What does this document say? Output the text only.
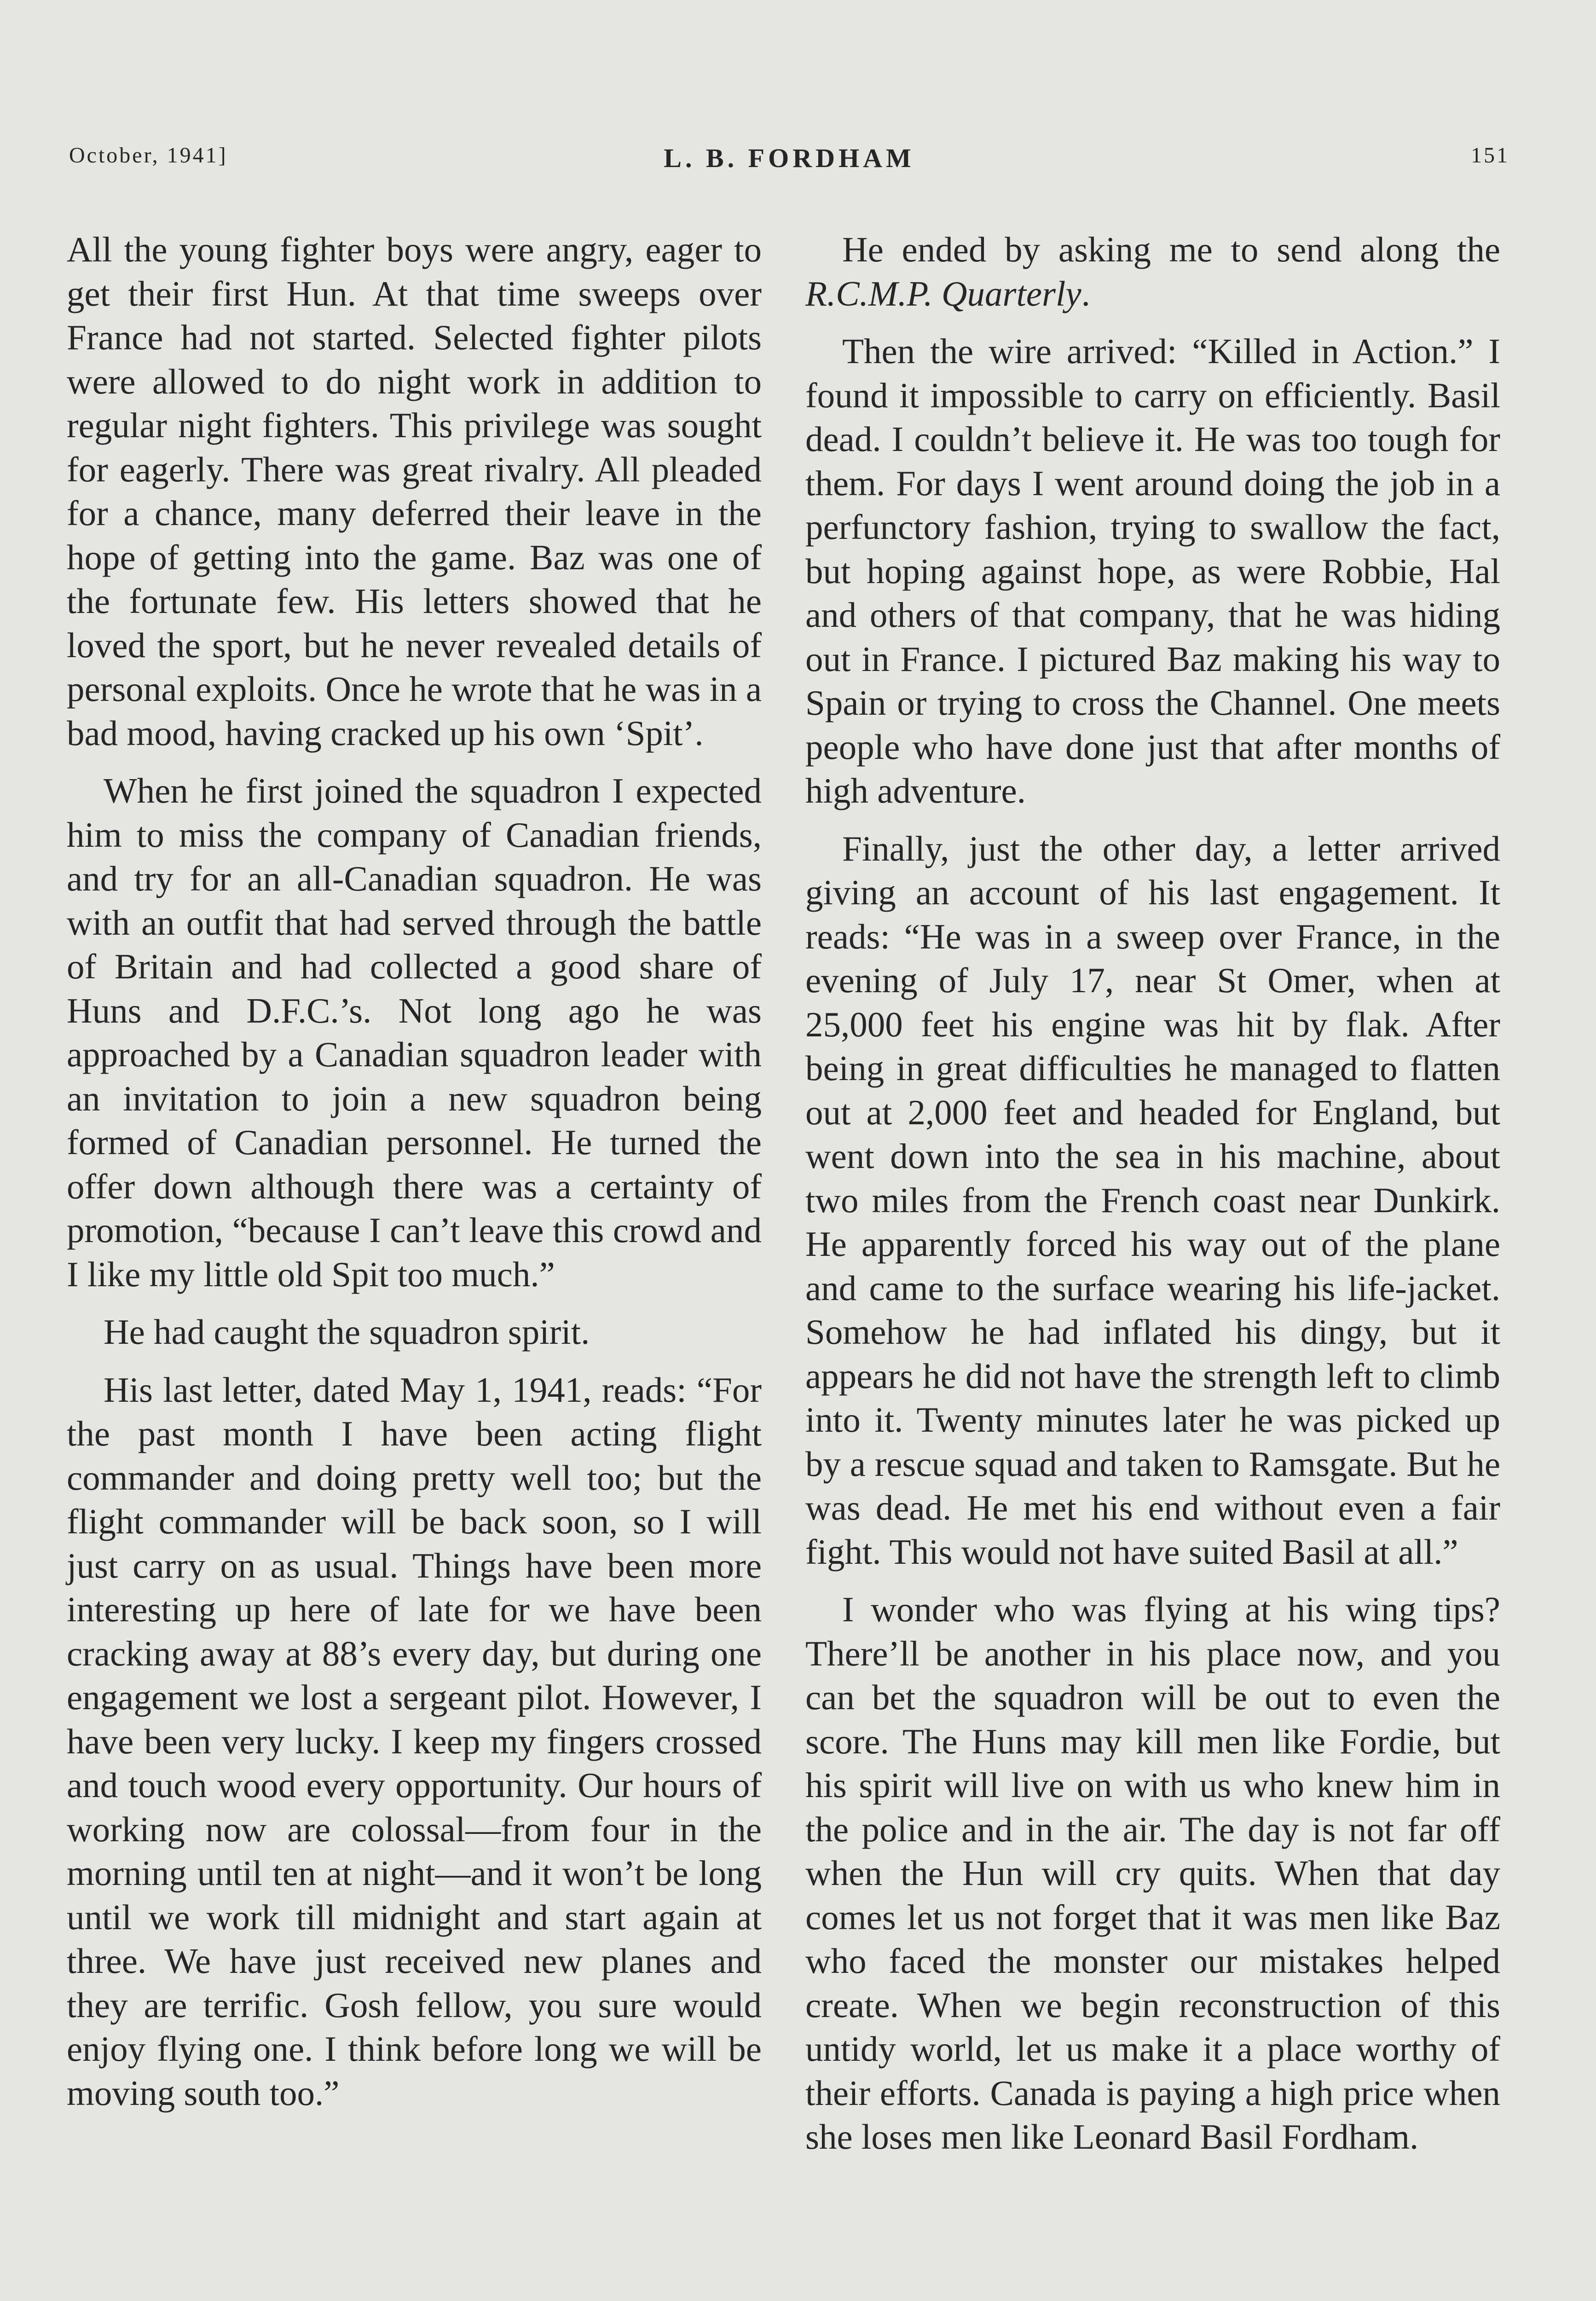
October, 1941]	L. B. FORDHAM	151

All the young fighter boys were angry, eager to get their first Hun. At that time sweeps over France had not started. Selected fighter pilots were allowed to do night work in addition to regular night fighters. This privilege was sought for eagerly. There was great rivalry. All pleaded for a chance, many deferred their leave in the hope of getting into the game. Baz was one of the fortunate few. His letters showed that he loved the sport, but he never revealed details of personal exploits. Once he wrote that he was in a bad mood, having cracked up his own ‘Spit’.

When he first joined the squadron I expected him to miss the company of Canadian friends, and try for an all-Canadian squadron. He was with an outfit that had served through the battle of Britain and had collected a good share of Huns and D.F.C.’s. Not long ago he was approached by a Canadian squadron leader with an invitation to join a new squadron being formed of Canadian personnel. He turned the offer down although there was a certainty of promotion, “because I can’t leave this crowd and I like my little old Spit too much.”

He had caught the squadron spirit.

His last letter, dated May 1, 1941, reads: “For the past month I have been acting flight commander and doing pretty well too; but the flight commander will be back soon, so I will just carry on as usual. Things have been more interesting up here of late for we have been cracking away at 88’s every day, but during one engagement we lost a sergeant pilot. However, I have been very lucky. I keep my fingers crossed and touch wood every opportunity. Our hours of working now are colossal—from four in the morning until ten at night—and it won’t be long until we work till midnight and start again at three. We have just received new planes and they are terrific. Gosh fellow, you sure would enjoy flying one. I think before long we will be moving south too.”

He ended by asking me to send along the R.C.M.P. Quarterly.

Then the wire arrived: “Killed in Action.” I found it impossible to carry on efficiently. Basil dead. I couldn’t believe it. He was too tough for them. For days I went around doing the job in a perfunctory fashion, trying to swallow the fact, but hoping against hope, as were Robbie, Hal and others of that company, that he was hiding out in France. I pictured Baz making his way to Spain or trying to cross the Channel. One meets people who have done just that after months of high adventure.

Finally, just the other day, a letter arrived giving an account of his last engagement. It reads: “He was in a sweep over France, in the evening of July 17, near St Omer, when at 25,000 feet his engine was hit by flak. After being in great difficulties he managed to flatten out at 2,000 feet and headed for England, but went down into the sea in his machine, about two miles from the French coast near Dunkirk. He apparently forced his way out of the plane and came to the surface wearing his life-jacket. Somehow he had inflated his dingy, but it appears he did not have the strength left to climb into it. Twenty minutes later he was picked up by a rescue squad and taken to Ramsgate. But he was dead. He met his end without even a fair fight. This would not have suited Basil at all.”

I wonder who was flying at his wing tips? There’ll be another in his place now, and you can bet the squadron will be out to even the score. The Huns may kill men like Fordie, but his spirit will live on with us who knew him in the police and in the air. The day is not far off when the Hun will cry quits. When that day comes let us not forget that it was men like Baz who faced the monster our mistakes helped create. When we begin reconstruction of this untidy world, let us make it a place worthy of their efforts. Canada is paying a high price when she loses men like Leonard Basil Fordham.
